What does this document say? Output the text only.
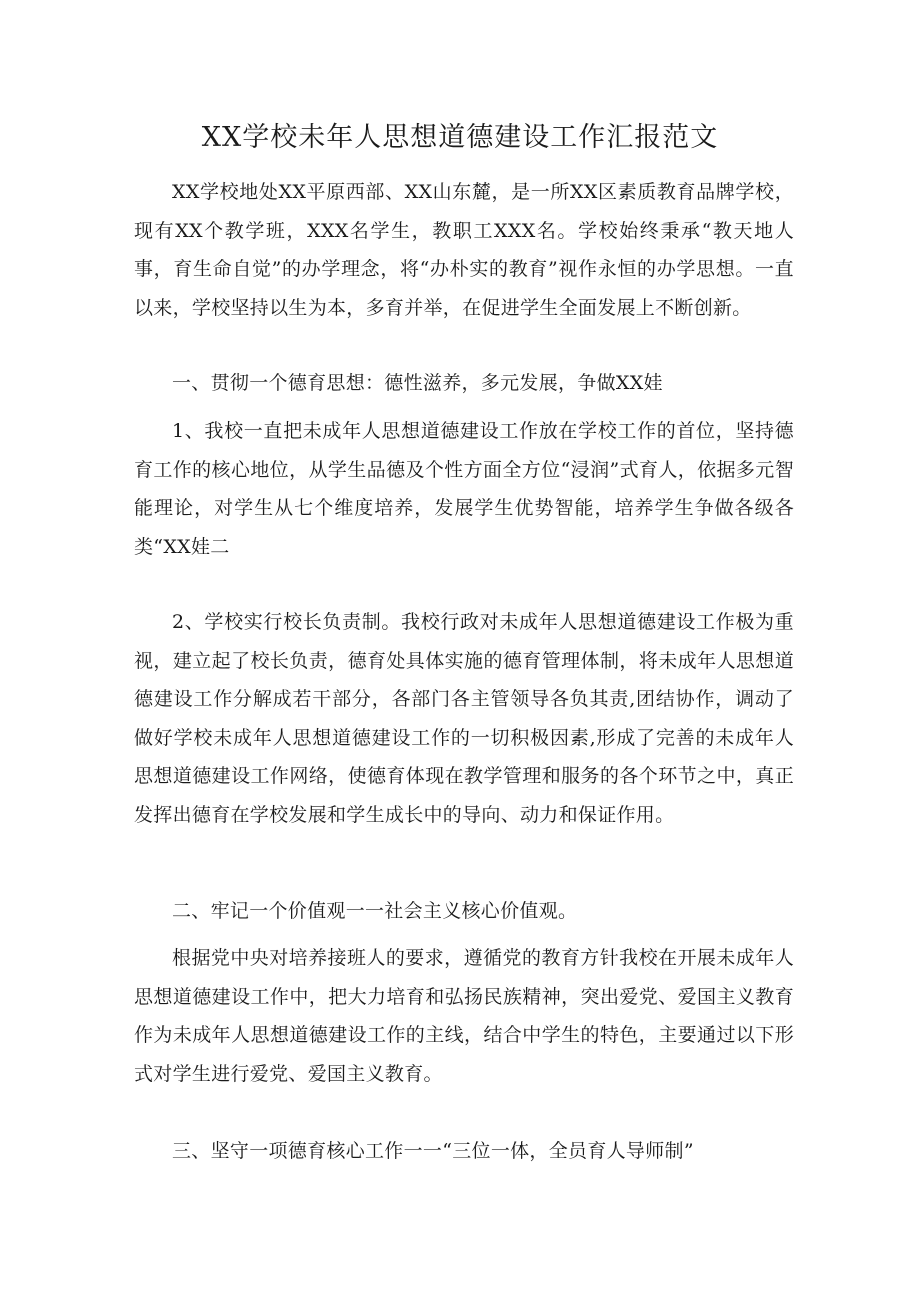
XX学校未年人思想道德建设工作汇报范文

XX学校地处XX平原西部、XX山东麓，是一所XX区素质教育品牌学校，现有XX个教学班，XXX名学生，教职工XXX名。学校始终秉承“教天地人事，育生命自觉”的办学理念，将“办朴实的教育”视作永恒的办学思想。一直以来，学校坚持以生为本，多育并举，在促进学生全面发展上不断创新。

一、贯彻一个德育思想：德性滋养，多元发展，争做XX娃

1、我校一直把未成年人思想道德建设工作放在学校工作的首位，坚持德育工作的核心地位，从学生品德及个性方面全方位“浸润”式育人，依据多元智能理论，对学生从七个维度培养，发展学生优势智能，培养学生争做各级各类“XX娃二

2、学校实行校长负责制。我校行政对未成年人思想道德建设工作极为重视，建立起了校长负责，德育处具体实施的德育管理体制，将未成年人思想道德建设工作分解成若干部分，各部门各主管领导各负其责,团结协作，调动了做好学校未成年人思想道德建设工作的一切积极因素,形成了完善的未成年人思想道德建设工作网络，使德育体现在教学管理和服务的各个环节之中，真正发挥出德育在学校发展和学生成长中的导向、动力和保证作用。

二、牢记一个价值观一一社会主义核心价值观。

根据党中央对培养接班人的要求，遵循党的教育方针我校在开展未成年人思想道德建设工作中，把大力培育和弘扬民族精神，突出爱党、爱国主义教育作为未成年人思想道德建设工作的主线，结合中学生的特色，主要通过以下形式对学生进行爱党、爱国主义教育。

三、坚守一项德育核心工作一一“三位一体，全员育人导师制”
